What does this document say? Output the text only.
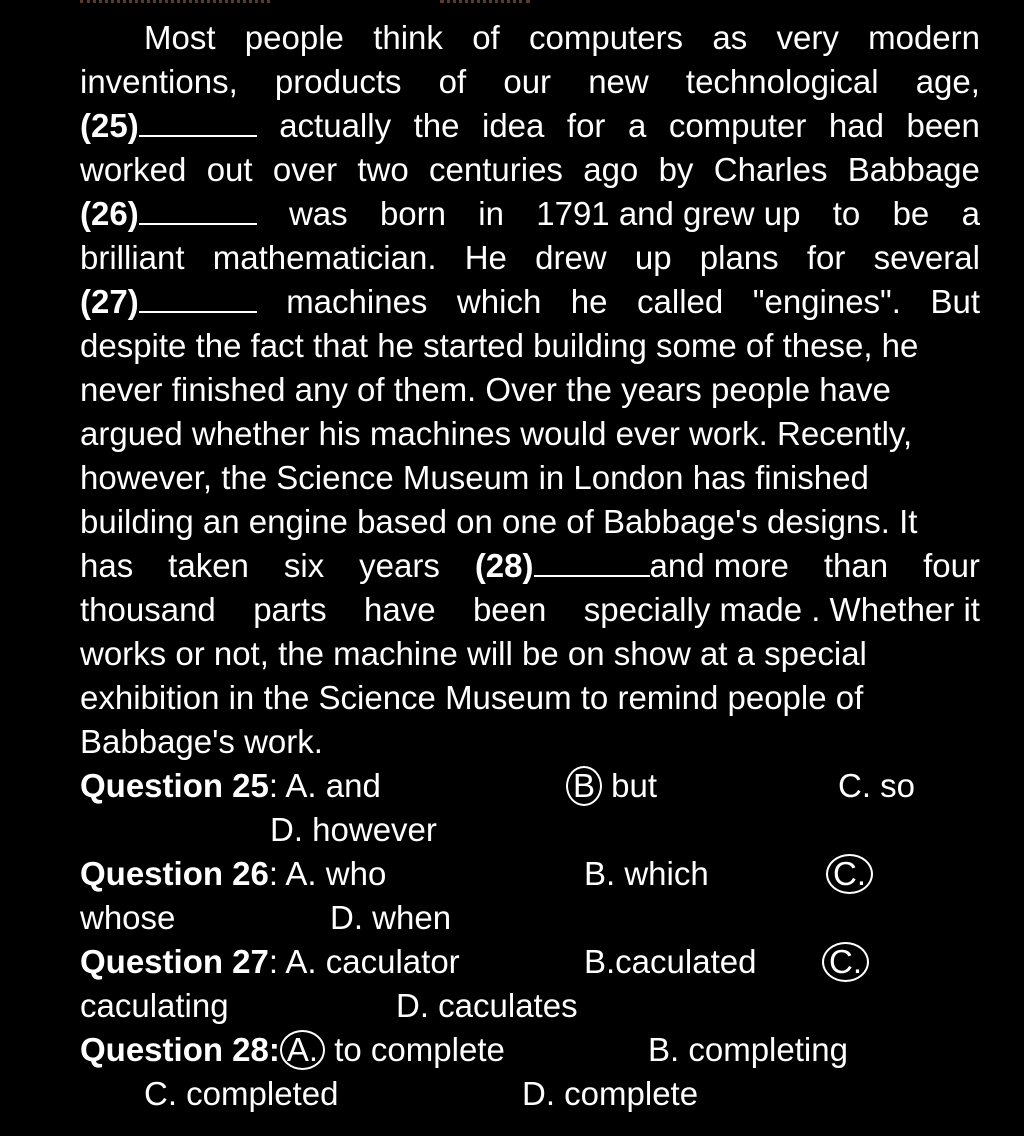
Most people think of computers as very modern
inventions, products of our new technological age,
(25)	actually the idea for a computer had been
worked out over two centuries ago by Charles Babbage
(26)	was born in 1791 and grew up to be a
brilliant mathematician. He drew up plans for several
(27)	machines which he called "engines". But
despite the fact that he started building some of these, he
never finished any of them. Over the years people have
argued whether his machines would ever work. Recently,
however, the Science Museum in London has finished
building an engine based on one of Babbage's designs. It
has taken six years (28)	and more than four
thousand parts have been specially made . Whether it
works or not, the machine will be on show at a special
exhibition in the Science Museum to remind people of
Babbage's work.
Question 25: A. and	B but	C. so
D. however
Question 26: A. who	B. which	C.
whose	D. when
Question 27: A. caculator	B.caculated C.
caculating	D. caculates
Question 28: A. to complete	B. completing
C. completed	D. complete
